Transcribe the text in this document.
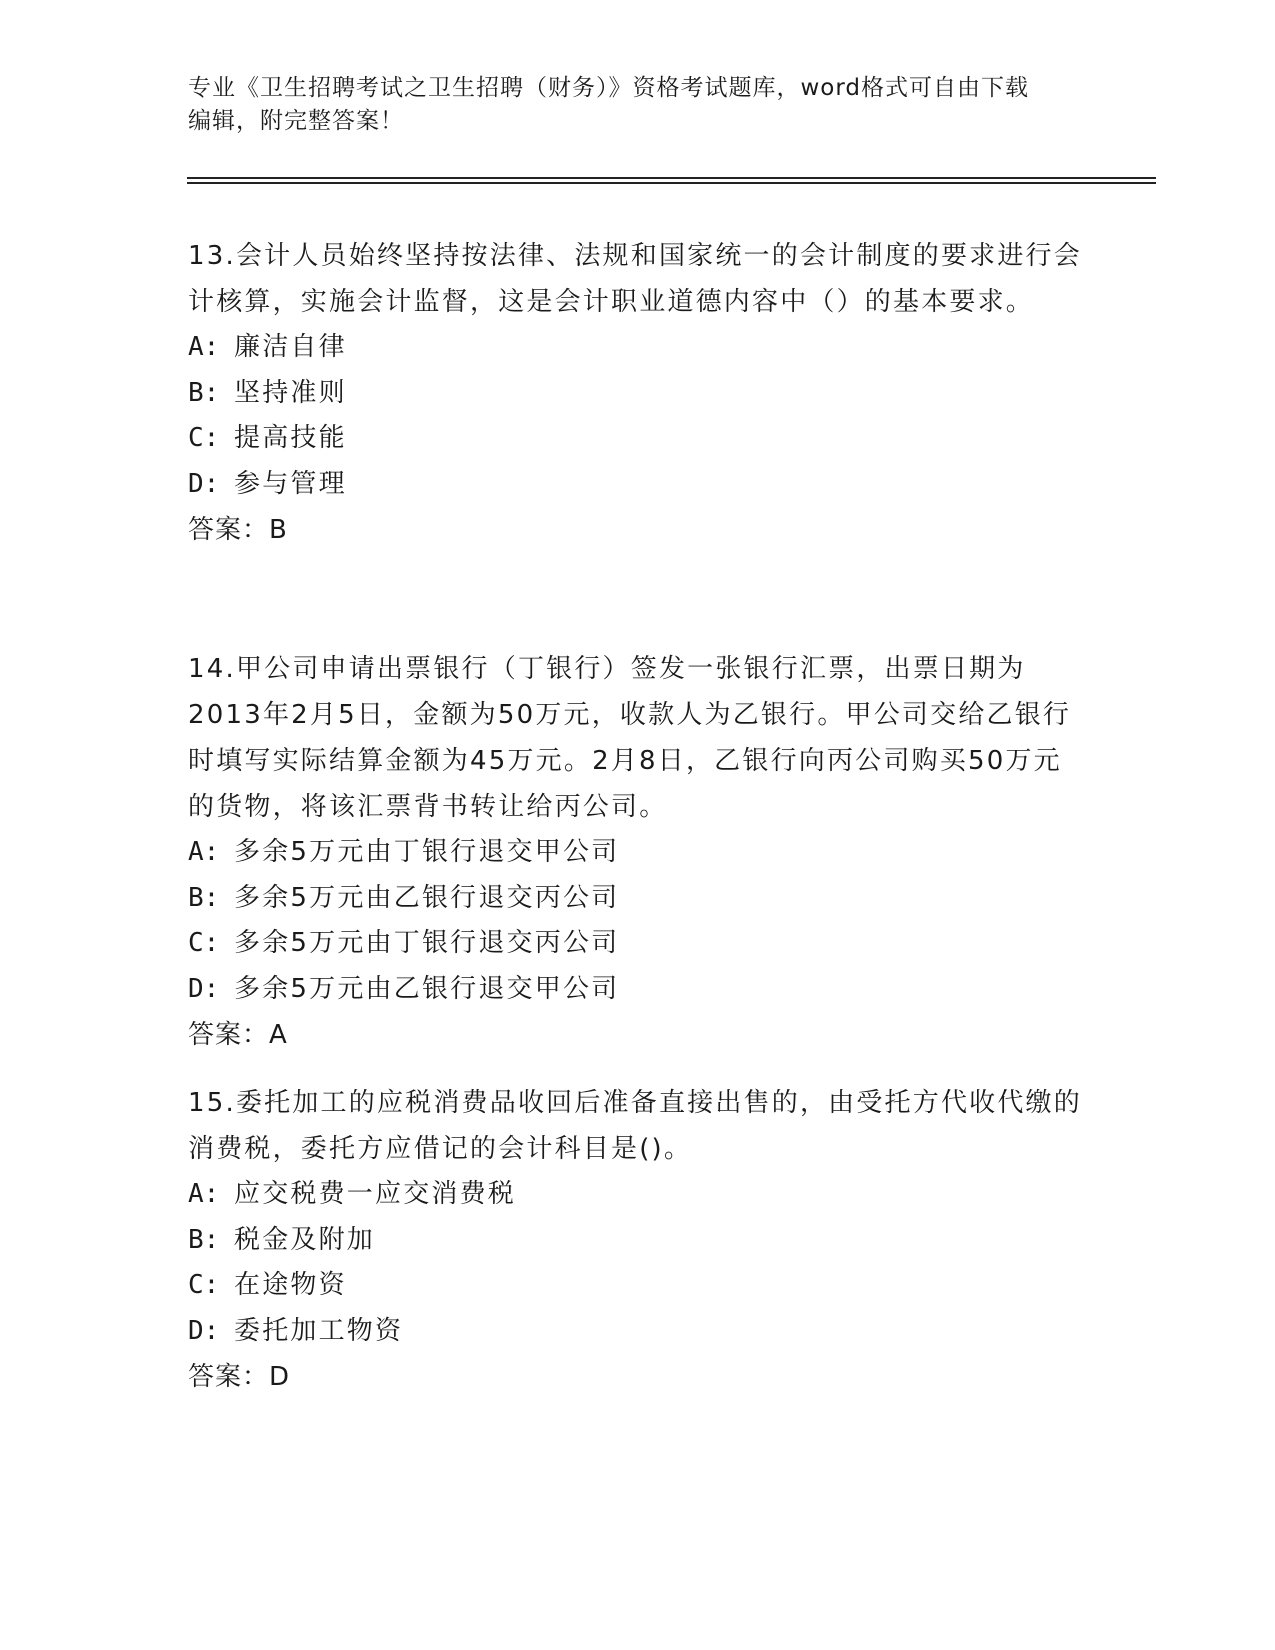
专业《卫生招聘考试之卫生招聘（财务）》资格考试题库，word格式可自由下载
编辑，附完整答案！

13.会计人员始终坚持按法律、法规和国家统一的会计制度的要求进行会计核算，实施会计监督，这是会计职业道德内容中（）的基本要求。

A: 廉洁自律

B: 坚持准则

C: 提高技能

D: 参与管理

答案：B

14.甲公司申请出票银行（丁银行）签发一张银行汇票，出票日期为2013年2月5日，金额为50万元，收款人为乙银行。甲公司交给乙银行时填写实际结算金额为45万元。2月8日，乙银行向丙公司购买50万元的货物，将该汇票背书转让给丙公司。

A: 多余5万元由丁银行退交甲公司

B: 多余5万元由乙银行退交丙公司

C: 多余5万元由丁银行退交丙公司

D: 多余5万元由乙银行退交甲公司

答案：A

15.委托加工的应税消费品收回后准备直接出售的，由受托方代收代缴的消费税，委托方应借记的会计科目是()。

A: 应交税费一应交消费税

B: 税金及附加

C: 在途物资

D: 委托加工物资

答案：D
